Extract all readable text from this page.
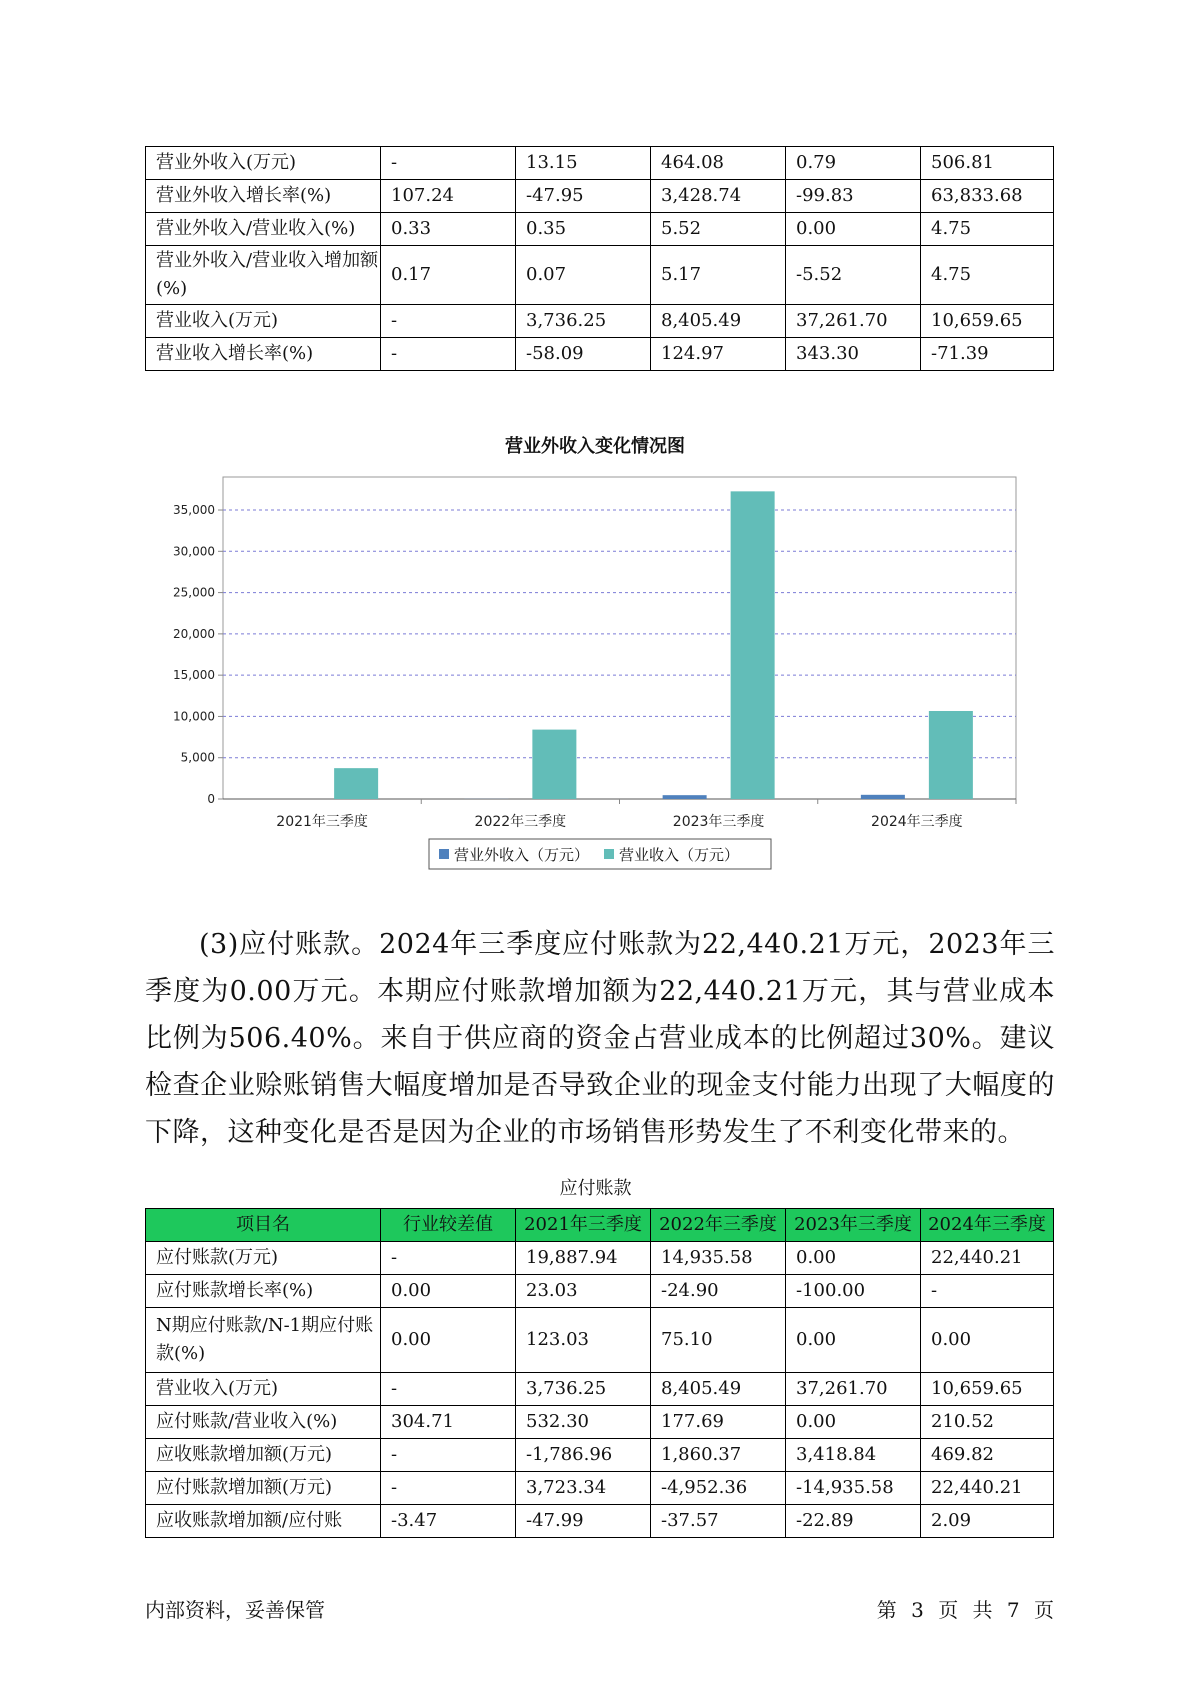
营业外收入(万元)	-	13.15	464.08	0.79	506.81
营业外收入增长率(%)	107.24	-47.95	3,428.74	-99.83	63,833.68
营业外收入/营业收入(%)	0.33	0.35	5.52	0.00	4.75
营业外收入/营业收入增加额(%)	0.17	0.07	5.17	-5.52	4.75
营业收入(万元)	-	3,736.25	8,405.49	37,261.70	10,659.65
营业收入增长率(%)	-	-58.09	124.97	343.30	-71.39
营业外收入变化情况图
0
5,000
10,000
15,000
20,000
25,000
30,000
35,000
2021年三季度	2022年三季度	2023年三季度	2024年三季度
营业外收入（万元） 营业收入（万元）
(3)应付账款。2024年三季度应付账款为22,440.21万元，2023年三季度为0.00万元。本期应付账款增加额为22,440.21万元，其与营业成本比例为506.40%。来自于供应商的资金占营业成本的比例超过30%。建议检查企业赊账销售大幅度增加是否导致企业的现金支付能力出现了大幅度的下降，这种变化是否是因为企业的市场销售形势发生了不利变化带来的。
应付账款
项目名	行业较差值	2021年三季度	2022年三季度	2023年三季度	2024年三季度
应付账款(万元)	-	19,887.94	14,935.58	0.00	22,440.21
应付账款增长率(%)	0.00	23.03	-24.90	-100.00	-
N期应付账款/N-1期应付账款(%)	0.00	123.03	75.10	0.00	0.00
营业收入(万元)	-	3,736.25	8,405.49	37,261.70	10,659.65
应付账款/营业收入(%)	304.71	532.30	177.69	0.00	210.52
应收账款增加额(万元)	-	-1,786.96	1,860.37	3,418.84	469.82
应付账款增加额(万元)	-	3,723.34	-4,952.36	-14,935.58	22,440.21
应收账款增加额/应付账	-3.47	-47.99	-37.57	-22.89	2.09
内部资料，妥善保管	第 3 页 共 7 页
